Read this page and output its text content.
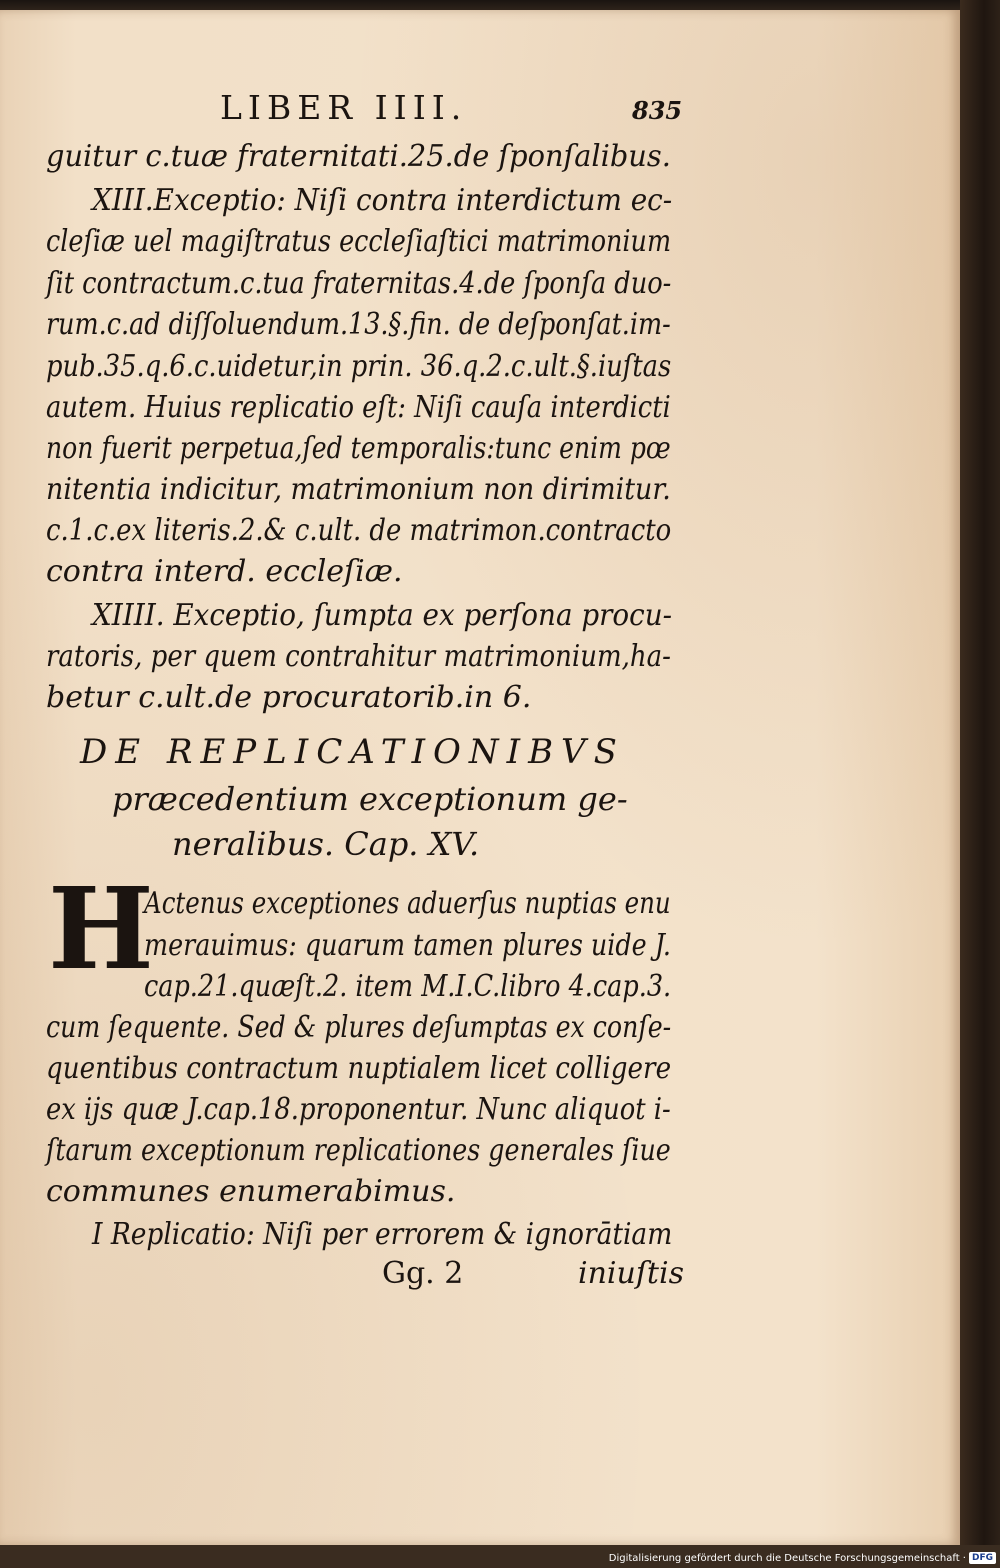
LIBER IIII.	835
guitur c.tuæ fraternitati.25.de ſponſalibus.
XIII.Exceptio: Niſi contra interdictum ec-
cleſiæ uel magiſtratus eccleſiaſtici matrimonium
ſit contractum.c.tua fraternitas.4.de ſponſa duo-
rum.c.ad diſſoluendum.13.§.fin. de deſponſat.im-
pub.35.q.6.c.uidetur,in prin. 36.q.2.c.ult.§.iuſtas
autem. Huius replicatio eſt: Niſi cauſa interdicti
non fuerit perpetua,ſed temporalis:tunc enim pœ
nitentia indicitur, matrimonium non dirimitur.
c.1.c.ex literis.2.& c.ult. de matrimon.contracto
contra interd. eccleſiæ.
XIIII. Exceptio, ſumpta ex perſona procu-
ratoris, per quem contrahitur matrimonium,ha-
betur c.ult.de procuratorib.in 6.
DE REPLICATIONIBVS
præcedentium exceptionum ge-
neralibus. Cap. XV.
H
Actenus exceptiones aduerſus nuptias enu
merauimus: quarum tamen plures uide J.
cap.21.quæſt.2. item M.I.C.libro 4.cap.3.
cum ſequente. Sed & plures deſumptas ex conſe-
quentibus contractum nuptialem licet colligere
ex ijs quæ J.cap.18.proponentur. Nunc aliquot i-
ſtarum exceptionum replicationes generales ſiue
communes enumerabimus.
I Replicatio: Niſi per errorem & ignorātiam
Gg. 2	iniuſtis
Digitalisierung gefördert durch die Deutsche Forschungsgemeinschaft · DFG
